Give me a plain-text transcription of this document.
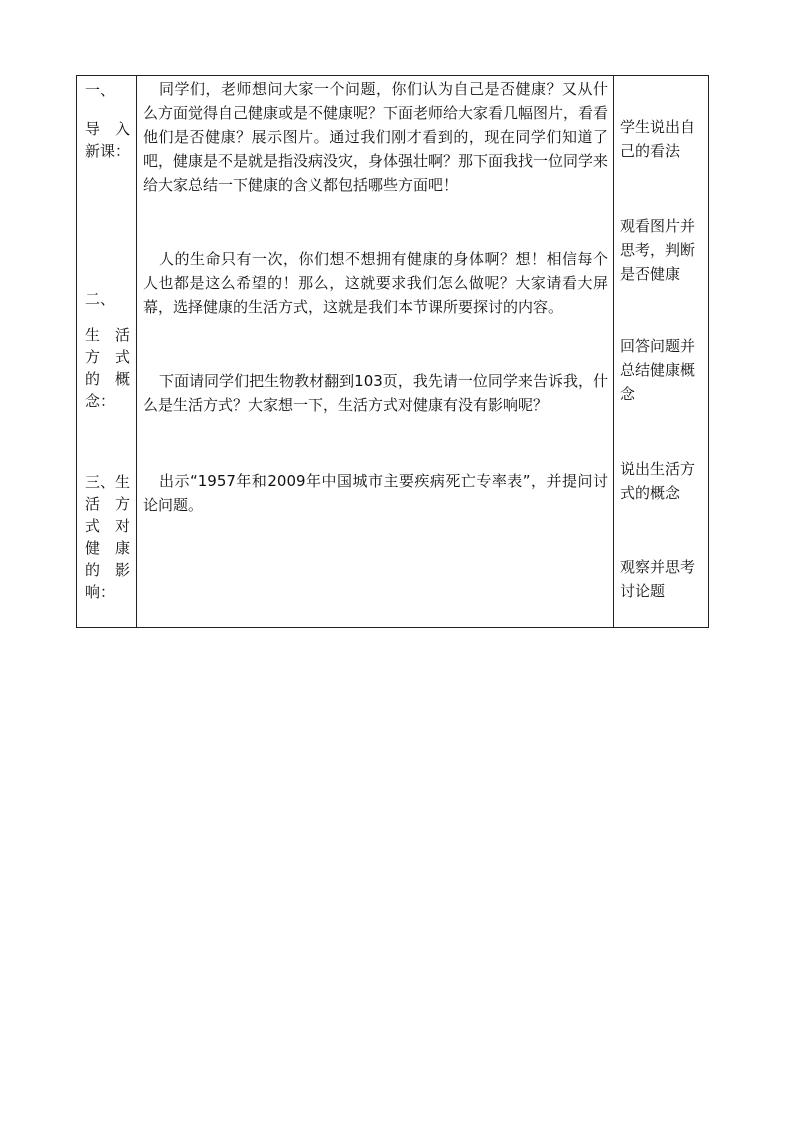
一、
导　入
新课：
二、
生　活
方　式
的　概
念：
三、生
活　方
式　对
健　康
的　影
响：
同学们，老师想问大家一个问题，你们认为自己是否健康？又从什么方面觉得自己健康或是不健康呢？下面老师给大家看几幅图片，看看他们是否健康？展示图片。通过我们刚才看到的，现在同学们知道了吧，健康是不是就是指没病没灾，身体强壮啊？那下面我找一位同学来给大家总结一下健康的含义都包括哪些方面吧！
人的生命只有一次，你们想不想拥有健康的身体啊？想！相信每个人也都是这么希望的！那么，这就要求我们怎么做呢？大家请看大屏幕，选择健康的生活方式，这就是我们本节课所要探讨的内容。
下面请同学们把生物教材翻到103页，我先请一位同学来告诉我，什么是生活方式？大家想一下，生活方式对健康有没有影响呢？
出示“1957年和2009年中国城市主要疾病死亡专率表”，并提问讨论问题。
学生说出自己的看法
观看图片并思考，判断是否健康
回答问题并总结健康概念
说出生活方式的概念
观察并思考讨论题
